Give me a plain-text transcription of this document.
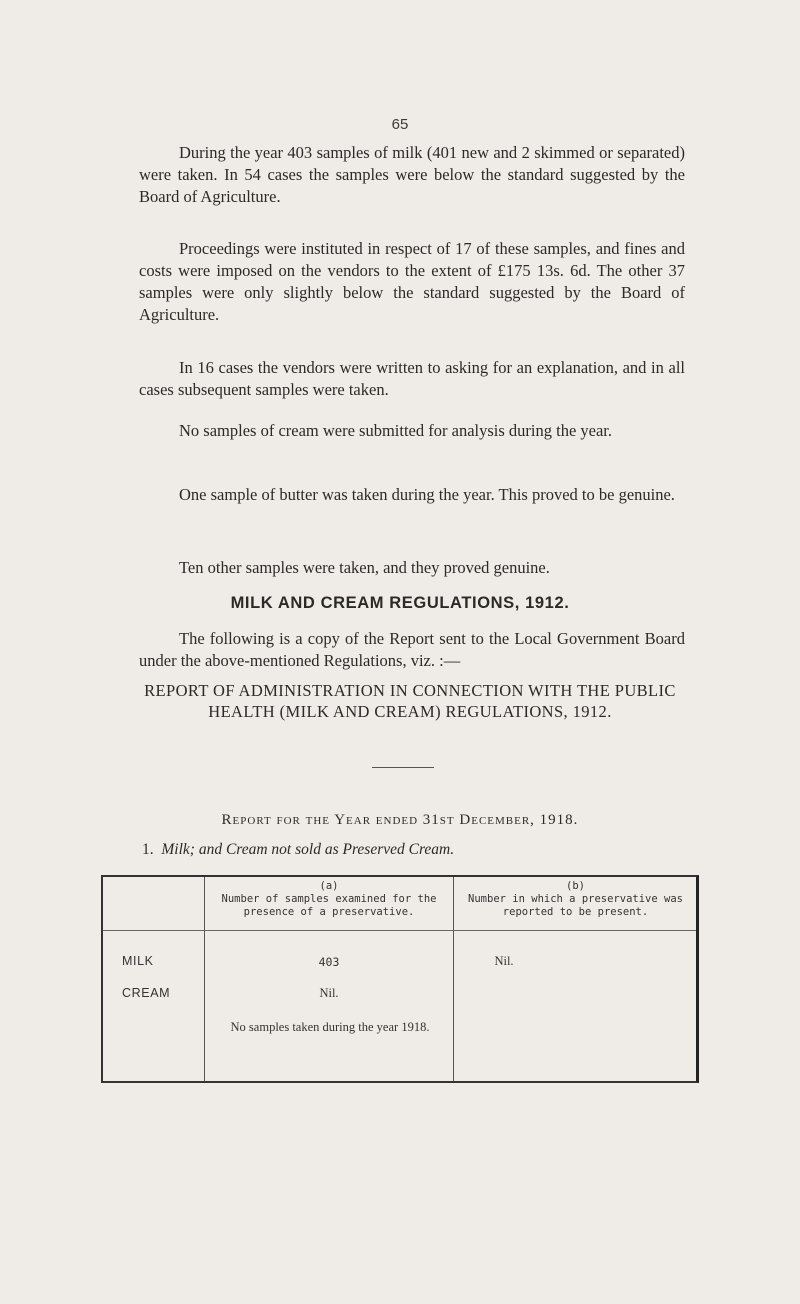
65

During the year 403 samples of milk (401 new and 2 skimmed or separated) were taken. In 54 cases the samples were below the standard suggested by the Board of Agriculture.

Proceedings were instituted in respect of 17 of these samples, and fines and costs were imposed on the vendors to the extent of £175 13s. 6d. The other 37 samples were only slightly below the standard suggested by the Board of Agriculture.

In 16 cases the vendors were written to asking for an explanation, and in all cases subsequent samples were taken.

No samples of cream were submitted for analysis during the year.

One sample of butter was taken during the year. This proved to be genuine.

Ten other samples were taken, and they proved genuine.

MILK AND CREAM REGULATIONS, 1912.

The following is a copy of the Report sent to the Local Government Board under the above-mentioned Regulations, viz. :—

REPORT OF ADMINISTRATION IN CONNECTION WITH THE PUBLIC HEALTH (MILK AND CREAM) REGULATIONS, 1912.
Report for the Year ended 31st December, 1918.
1. Milk; and Cream not sold as Preserved Cream.
(a)
Number of samples examined for the presence of a preservative.
(b)
Number in which a preservative was reported to be present.
MILK	403	Nil.
CREAM	Nil.
No samples taken during the year 1918.
